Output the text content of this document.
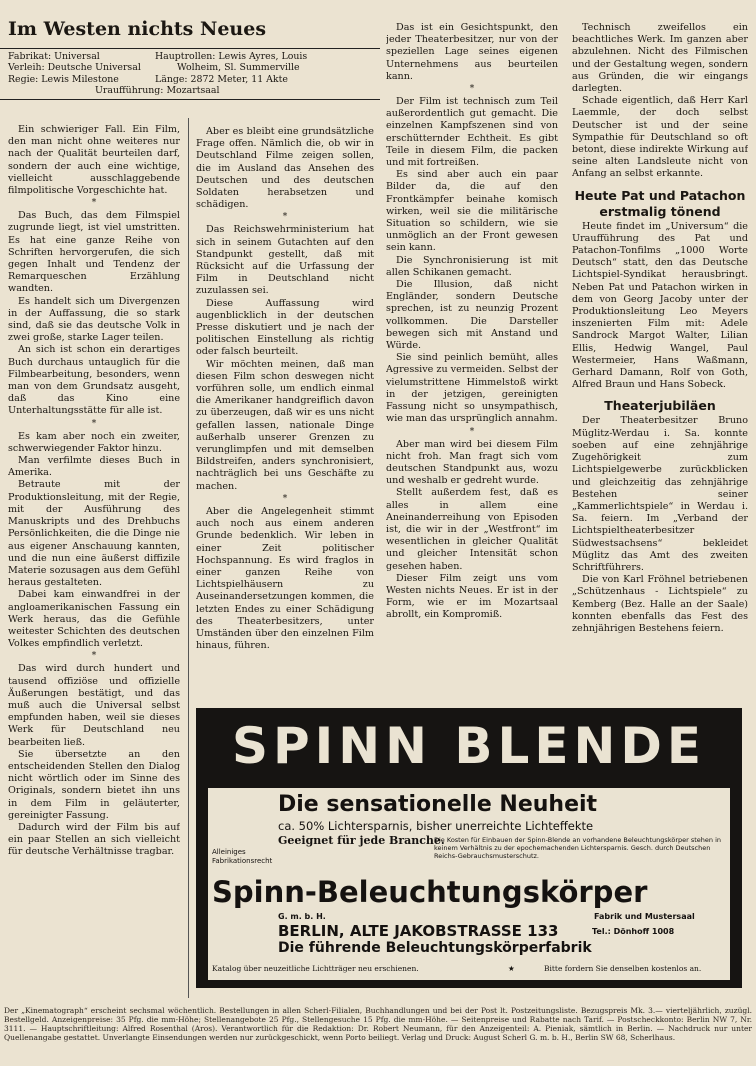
Im Westen nichts Neues
Fabrikat: Universal
Verleih: Deutsche Universal
Regie: Lewis Milestone
Hauptrollen: Lewis Ayres, Louis
Wolheim, Sl. Summerville
Länge: 2872 Meter, 11 Akte
Uraufführung: Mozartsaal

Ein schwieriger Fall. Ein Film, den man nicht ohne weiteres nur nach der Qualität beurteilen darf, sondern der auch eine wichtige, vielleicht ausschlaggebende filmpolitische Vorgeschichte hat.

*

Das Buch, das dem Filmspiel zugrunde liegt, ist viel umstritten. Es hat eine ganze Reihe von Schriften hervorgerufen, die sich gegen Inhalt und Tendenz der Remarqueschen Erzählung wandten.

Es handelt sich um Divergenzen in der Auffassung, die so stark sind, daß sie das deutsche Volk in zwei große, starke Lager teilen.

An sich ist schon ein derartiges Buch durchaus untauglich für die Filmbearbeitung, besonders, wenn man von dem Grundsatz ausgeht, daß das Kino eine Unterhaltungsstätte für alle ist.

*

Es kam aber noch ein zweiter, schwerwiegender Faktor hinzu.

Man verfilmte dieses Buch in Amerika.

Betraute mit der Produktionsleitung, mit der Regie, mit der Ausführung des Manuskripts und des Drehbuchs Persönlichkeiten, die die Dinge nie aus eigener Anschauung kannten, und die nun eine äußerst diffizile Materie sozusagen aus dem Gefühl heraus gestalteten.

Dabei kam einwandfrei in der angloamerikanischen Fassung ein Werk heraus, das die Gefühle weitester Schichten des deutschen Volkes empfindlich verletzt.

*

Das wird durch hundert und tausend offiziöse und offizielle Äußerungen bestätigt, und das muß auch die Universal selbst empfunden haben, weil sie dieses Werk für Deutschland neu bearbeiten ließ.

Sie übersetzte an den entscheidenden Stellen den Dialog nicht wörtlich oder im Sinne des Originals, sondern bietet ihn uns in dem Film in geläuterter, gereinigter Fassung.

Dadurch wird der Film bis auf ein paar Stellen an sich vielleicht für deutsche Verhältnisse tragbar.

Aber es bleibt eine grundsätzliche Frage offen. Nämlich die, ob wir in Deutschland Filme zeigen sollen, die im Ausland das Ansehen des Deutschen und des deutschen Soldaten herabsetzen und schädigen.

*

Das Reichswehrministerium hat sich in seinem Gutachten auf den Standpunkt gestellt, daß mit Rücksicht auf die Urfassung der Film in Deutschland nicht zuzulassen sei.

Diese Auffassung wird augenblicklich in der deutschen Presse diskutiert und je nach der politischen Einstellung als richtig oder falsch beurteilt.

Wir möchten meinen, daß man diesen Film schon deswegen nicht vorführen solle, um endlich einmal die Amerikaner handgreiflich davon zu überzeugen, daß wir es uns nicht gefallen lassen, nationale Dinge außerhalb unserer Grenzen zu verunglimpfen und mit demselben Bildstreifen, anders synchronisiert, nachträglich bei uns Geschäfte zu machen.

*

Aber die Angelegenheit stimmt auch noch aus einem anderen Grunde bedenklich. Wir leben in einer Zeit politischer Hochspannung. Es wird fraglos in einer ganzen Reihe von Lichtspielhäusern zu Auseinandersetzungen kommen, die letzten Endes zu einer Schädigung des Theaterbesitzers, unter Umständen über den einzelnen Film hinaus, führen.

Das ist ein Gesichtspunkt, den jeder Theaterbesitzer, nur von der speziellen Lage seines eigenen Unternehmens aus beurteilen kann.

*

Der Film ist technisch zum Teil außerordentlich gut gemacht. Die einzelnen Kampfszenen sind von erschütternder Echtheit. Es gibt Teile in diesem Film, die packen und mit fortreißen.

Es sind aber auch ein paar Bilder da, die auf den Frontkämpfer beinahe komisch wirken, weil sie die militärische Situation so schildern, wie sie unmöglich an der Front gewesen sein kann.

Die Synchronisierung ist mit allen Schikanen gemacht.

Die Illusion, daß nicht Engländer, sondern Deutsche sprechen, ist zu neunzig Prozent vollkommen. Die Darsteller bewegen sich mit Anstand und Würde.

Sie sind peinlich bemüht, alles Agressive zu vermeiden. Selbst der vielumstrittene Himmelstoß wirkt in der jetzigen, gereinigten Fassung nicht so unsympathisch, wie man das ursprünglich annahm.

*

Aber man wird bei diesem Film nicht froh. Man fragt sich vom deutschen Standpunkt aus, wozu und weshalb er gedreht wurde.

Stellt außerdem fest, daß es alles in allem eine Aneinanderreihung von Episoden ist, die wir in der „Westfront“ im wesentlichen in gleicher Qualität und gleicher Intensität schon gesehen haben.

Dieser Film zeigt uns vom Westen nichts Neues. Er ist in der Form, wie er im Mozartsaal abrollt, ein Kompromiß.

Technisch zweifellos ein beachtliches Werk. Im ganzen aber abzulehnen. Nicht des Filmischen und der Gestaltung wegen, sondern aus Gründen, die wir eingangs darlegten.

Schade eigentlich, daß Herr Karl Laemmle, der doch selbst Deutscher ist und der seine Sympathie für Deutschland so oft betont, diese indirekte Wirkung auf seine alten Landsleute nicht von Anfang an selbst erkannte.

Heute Pat und Patachon
erstmalig tönend

Heute findet im „Universum“ die Uraufführung des Pat und Patachon-Tonfilms „1000 Worte Deutsch“ statt, den das Deutsche Lichtspiel-Syndikat herausbringt. Neben Pat und Patachon wirken in dem von Georg Jacoby unter der Produktionsleitung Leo Meyers inszenierten Film mit: Adele Sandrock Margot Walter, Lilian Ellis, Hedwig Wangel, Paul Westermeier, Hans Waßmann, Gerhard Damann, Rolf von Goth, Alfred Braun und Hans Sobeck.

Theaterjubiläen

Der Theaterbesitzer Bruno Müglitz-Werdau i. Sa. konnte soeben auf eine zehnjährige Zugehörigkeit zum Lichtspielgewerbe zurückblicken und gleichzeitig das zehnjährige Bestehen seiner „Kammerlichtspiele“ in Werdau i. Sa. feiern. Im „Verband der Lichtspieltheaterbesitzer Südwestsachsens“ bekleidet Müglitz das Amt des zweiten Schriftführers.

Die von Karl Fröhnel betriebenen „Schützenhaus - Lichtspiele“ zu Kemberg (Bez. Halle an der Saale) konnten ebenfalls das Fest des zehnjährigen Bestehens feiern.

SPINN BLENDE
Die sensationelle Neuheit
ca. 50% Lichtersparnis, bisher unerreichte Lichteffekte
Geeignet für jede Branche.
Die Kosten für Einbauen der Spinn-Blende an vorhandene Beleuchtungskörper stehen in keinem Verhältnis zu der epochemachenden Lichtersparnis. Gesch. durch Deutschen Reichs-Gebrauchsmusterschutz.
Alleiniges Fabrikationsrecht
Spinn-Beleuchtungskörper
G. m. b. H.	Fabrik und Mustersaal
BERLIN, ALTE JAKOBSTRASSE 133	Tel.: Dönhoff 1008
Die führende Beleuchtungskörperfabrik
Katalog über neuzeitliche Lichtträger neu erschienen.	★	Bitte fordern Sie denselben kostenlos an.
Der „Kinematograph“ erscheint sechsmal wöchentlich. Bestellungen in allen Scherl-Filialen, Buchhandlungen und bei der Post lt. Postzeitungsliste. Bezugspreis Mk. 3.— vierteljährlich, zuzügl. Bestellgeld. Anzeigenpreise: 35 Pfg. die mm-Höhe; Stellenangebote 25 Pfg., Stellengesuche 15 Pfg. die mm-Höhe. — Seitenpreise und Rabatte nach Tarif. — Postscheckkonto: Berlin NW 7, Nr. 3111. — Hauptschriftleitung: Alfred Rosenthal (Aros). Verantwortlich für die Redaktion: Dr. Robert Neumann, für den Anzeigenteil: A. Pieniak, sämtlich in Berlin. — Nachdruck nur unter Quellenangabe gestattet. Unverlangte Einsendungen werden nur zurückgeschickt, wenn Porto beiliegt. Verlag und Druck: August Scherl G. m. b. H., Berlin SW 68, Scherlhaus.
